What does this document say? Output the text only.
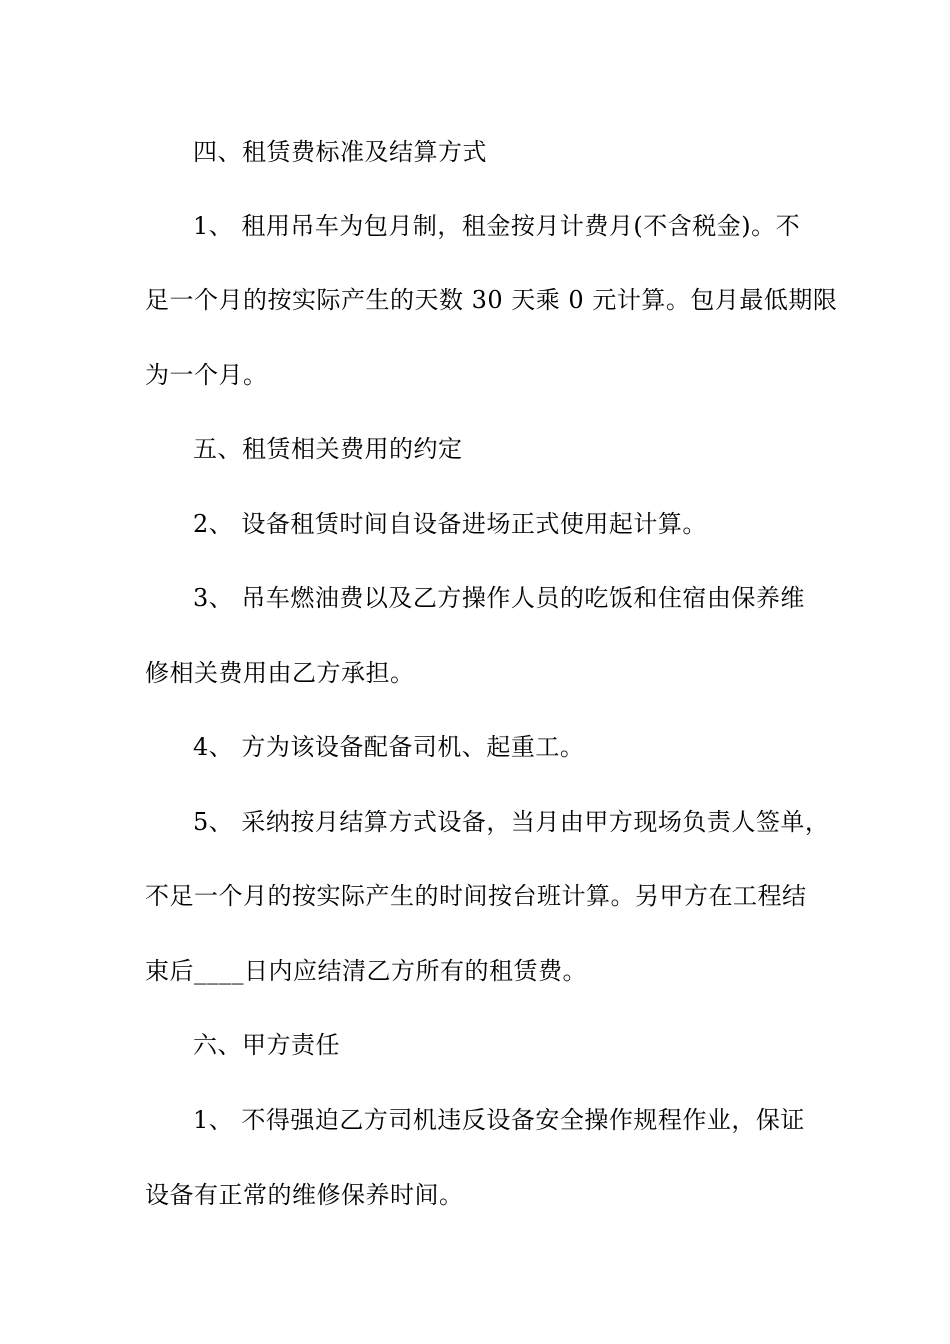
四、租赁费标准及结算方式
1、 租用吊车为包月制，租金按月计费月(不含税金)。不
足一个月的按实际产生的天数 30 天乘 0 元计算。包月最低期限
为一个月。
五、租赁相关费用的约定
2、 设备租赁时间自设备进场正式使用起计算。
3、 吊车燃油费以及乙方操作人员的吃饭和住宿由保养维
修相关费用由乙方承担。
4、 方为该设备配备司机、起重工。
5、 采纳按月结算方式设备，当月由甲方现场负责人签单，
不足一个月的按实际产生的时间按台班计算。另甲方在工程结
束后____日内应结清乙方所有的租赁费。
六、甲方责任
1、 不得强迫乙方司机违反设备安全操作规程作业，保证
设备有正常的维修保养时间。
